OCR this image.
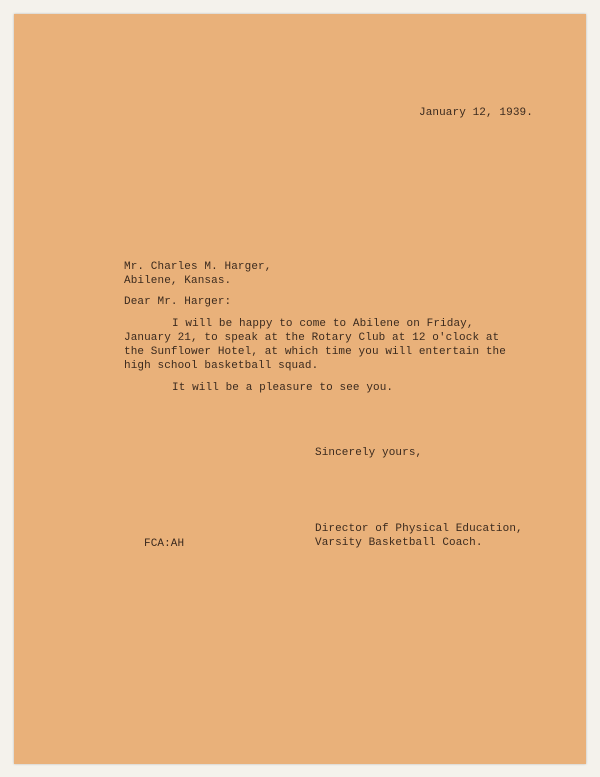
January 12, 1939.
Mr. Charles M. Harger,
Abilene, Kansas.
Dear Mr. Harger:
I will be happy to come to Abilene on Friday,
January 21, to speak at the Rotary Club at 12 o'clock at
the Sunflower Hotel, at which time you will entertain the
high school basketball squad.
It will be a pleasure to see you.
Sincerely yours,
Director of Physical Education,
Varsity Basketball Coach.
FCA:AH
